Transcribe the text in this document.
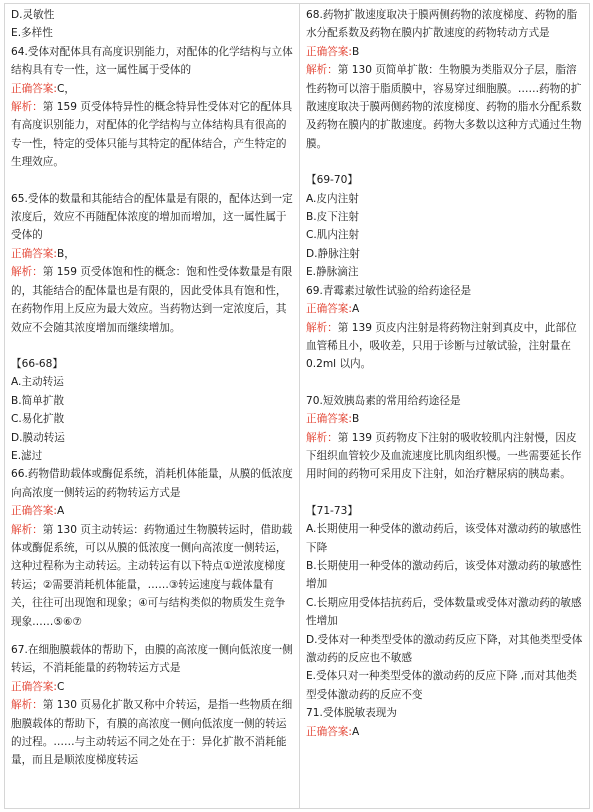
D.灵敏性

E.多样性

64.受体对配体具有高度识别能力，对配体的化学结构与立体结构具有专一性，这一属性属于受体的

正确答案:C，

解析：第 159 页受体特异性的概念特异性受体对它的配体具有高度识别能力，对配体的化学结构与立体结构具有很高的专一性，特定的受体只能与其特定的配体结合，产生特定的生理效应。

65.受体的数量和其能结合的配体量是有限的，配体达到一定浓度后，效应不再随配体浓度的增加而增加，这一属性属于受体的

正确答案:B，

解析：第 159 页受体饱和性的概念：饱和性受体数量是有限的，其能结合的配体量也是有限的，因此受体具有饱和性，在药物作用上反应为最大效应。当药物达到一定浓度后，其效应不会随其浓度增加而继续增加。

【66-68】

A.主动转运

B.简单扩散

C.易化扩散

D.膜动转运

E.滤过

66.药物借助载体或酶促系统，消耗机体能量，从膜的低浓度向高浓度一侧转运的药物转运方式是

正确答案:A

解析：第 130 页主动转运：药物通过生物膜转运时，借助载体或酶促系统，可以从膜的低浓度一侧向高浓度一侧转运，这种过程称为主动转运。主动转运有以下特点①逆浓度梯度转运；②需要消耗机体能量，……③转运速度与载体量有关，往往可出现饱和现象；④可与结构类似的物质发生竞争现象……⑤⑥⑦

67.在细胞膜载体的帮助下，由膜的高浓度一侧向低浓度一侧转运，不消耗能量的药物转运方式是

正确答案:C

解析：第 130 页易化扩散又称中介转运，是指一些物质在细胞膜载体的帮助下，有膜的高浓度一侧向低浓度一侧的转运的过程。……与主动转运不同之处在于：异化扩散不消耗能量，而且是顺浓度梯度转运

68.药物扩散速度取决于膜两侧药物的浓度梯度、药物的脂水分配系数及药物在膜内扩散速度的药物转动方式是

正确答案:B

解析：第 130 页简单扩散：生物膜为类脂双分子层，脂溶性药物可以溶于脂质膜中，容易穿过细胞膜。……药物的扩散速度取决于膜两侧药物的浓度梯度、药物的脂水分配系数及药物在膜内的扩散速度。药物大多数以这种方式通过生物膜。

【69-70】

A.皮内注射

B.皮下注射

C.肌内注射

D.静脉注射

E.静脉滴注

69.青霉素过敏性试验的给药途径是

正确答案:A

解析：第 139 页皮内注射是将药物注射到真皮中，此部位血管稀且小，吸收差，只用于诊断与过敏试验，注射量在 0.2ml 以内。

70.短效胰岛素的常用给药途径是

正确答案:B

解析：第 139 页药物皮下注射的吸收较肌内注射慢，因皮下组织血管较少及血流速度比肌肉组织慢。一些需要延长作用时间的药物可采用皮下注射，如治疗糖尿病的胰岛素。

【71-73】

A.长期使用一种受体的激动药后，该受体对激动药的敏感性下降

B.长期使用一种受体的激动药后，该受体对激动药的敏感性增加

C.长期应用受体拮抗药后，受体数量或受体对激动药的敏感性增加

D.受体对一种类型受体的激动药反应下降，对其他类型受体激动药的反应也不敏感

E.受体只对一种类型受体的激动药的反应下降 ,而对其他类型受体激动药的反应不变

71.受体脱敏表现为

正确答案:A
